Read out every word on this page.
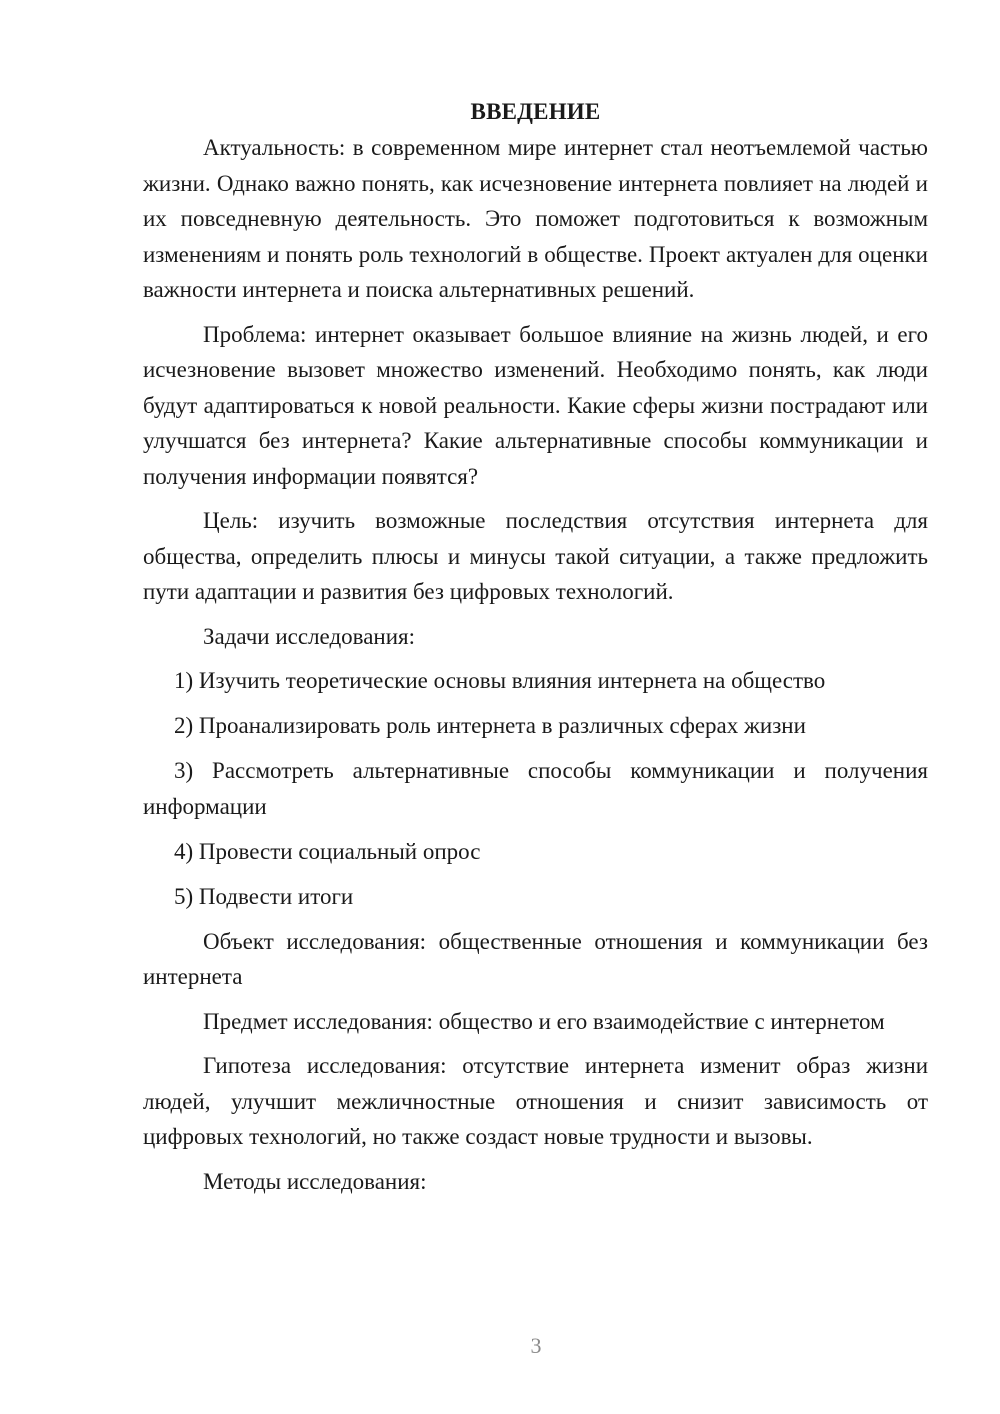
ВВЕДЕНИЕ

Актуальность: в современном мире интернет стал неотъемлемой частью жизни. Однако важно понять, как исчезновение интернета повлияет на людей и их повседневную деятельность. Это поможет подготовиться к возможным изменениям и понять роль технологий в обществе. Проект актуален для оценки важности интернета и поиска альтернативных решений.

Проблема: интернет оказывает большое влияние на жизнь людей, и его исчезновение вызовет множество изменений. Необходимо понять, как люди будут адаптироваться к новой реальности. Какие сферы жизни пострадают или улучшатся без интернета? Какие альтернативные способы коммуникации и получения информации появятся?

Цель: изучить возможные последствия отсутствия интернета для общества, определить плюсы и минусы такой ситуации, а также предложить пути адаптации и развития без цифровых технологий.

Задачи исследования:

1) Изучить теоретические основы влияния интернета на общество

2) Проанализировать роль интернета в различных сферах жизни

3) Рассмотреть альтернативные способы коммуникации и получения информации

4) Провести социальный опрос

5) Подвести итоги

Объект исследования: общественные отношения и коммуникации без интернета

Предмет исследования: общество и его взаимодействие с интернетом

Гипотеза исследования: отсутствие интернета изменит образ жизни людей, улучшит межличностные отношения и снизит зависимость от цифровых технологий, но также создаст новые трудности и вызовы.

Методы исследования:

3
